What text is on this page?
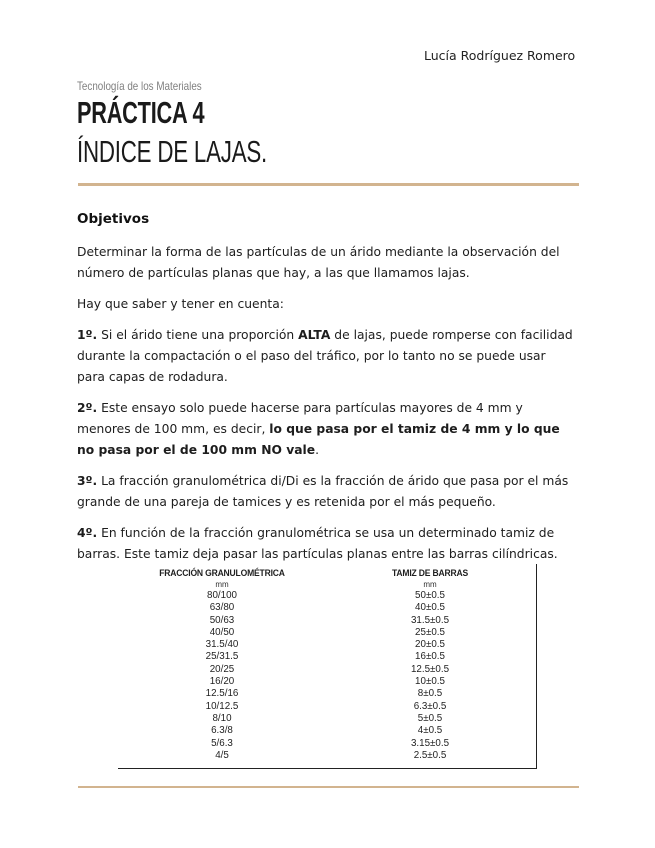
Lucía Rodríguez Romero
Tecnología de los Materiales
PRÁCTICA 4
ÍNDICE DE LAJAS.
Objetivos

Determinar la forma de las partículas de un árido mediante la observación del número de partículas planas que hay, a las que llamamos lajas.

Hay que saber y tener en cuenta:

1º. Si el árido tiene una proporción ALTA de lajas, puede romperse con facilidad durante la compactación o el paso del tráfico, por lo tanto no se puede usar para capas de rodadura.

2º. Este ensayo solo puede hacerse para partículas mayores de 4 mm y menores de 100 mm, es decir, lo que pasa por el tamiz de 4 mm y lo que no pasa por el de 100 mm NO vale.

3º. La fracción granulométrica di/Di es la fracción de árido que pasa por el más grande de una pareja de tamices y es retenida por el más pequeño.

4º. En función de la fracción granulométrica se usa un determinado tamiz de barras. Este tamiz deja pasar las partículas planas entre las barras cilíndricas.

FRACCIÓN GRANULOMÉTRICA
mm
80/100
63/80
50/63
40/50
31.5/40
25/31.5
20/25
16/20
12.5/16
10/12.5
8/10
6.3/8
5/6.3
4/5
TAMIZ DE BARRAS
mm
50±0.5
40±0.5
31.5±0.5
25±0.5
20±0.5
16±0.5
12.5±0.5
10±0.5
8±0.5
6.3±0.5
5±0.5
4±0.5
3.15±0.5
2.5±0.5
